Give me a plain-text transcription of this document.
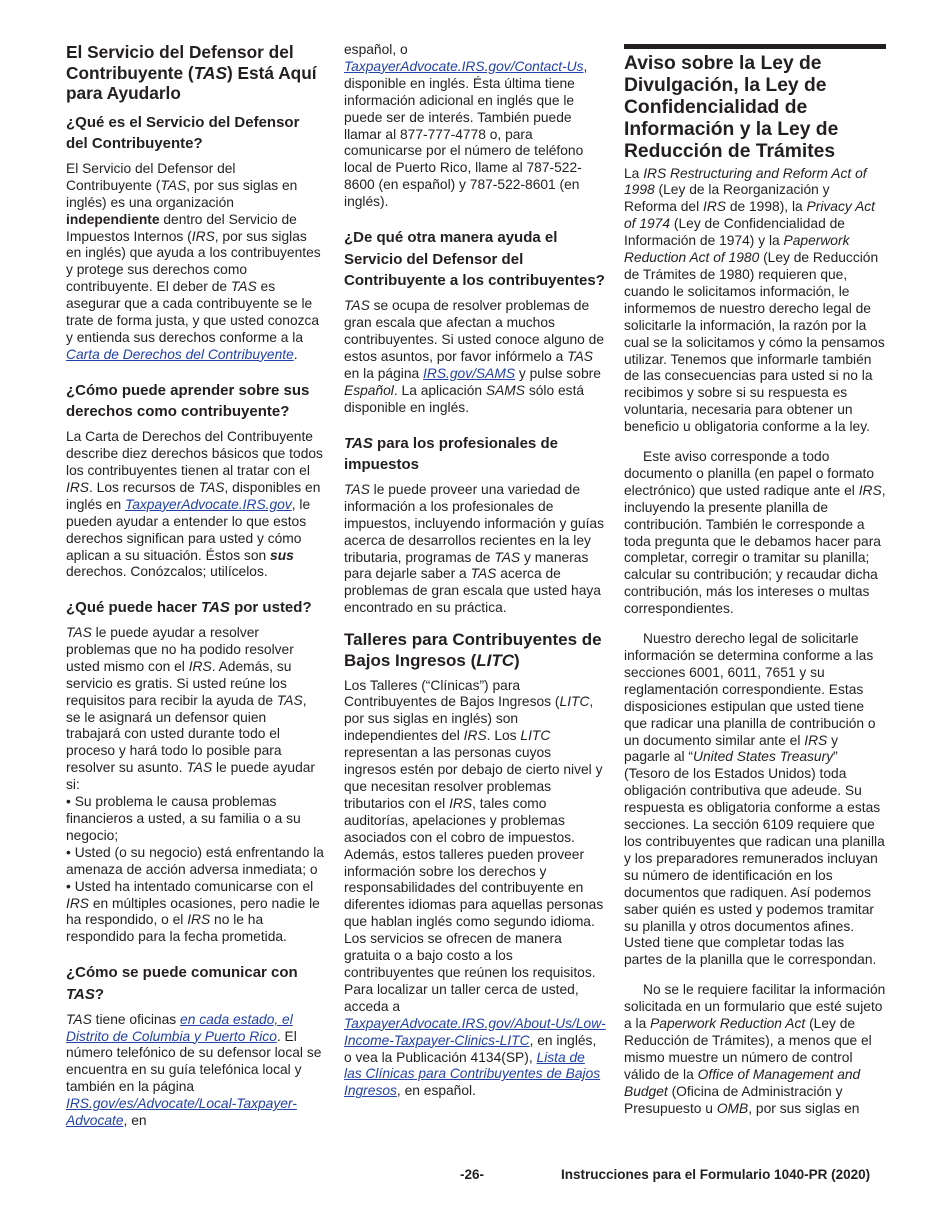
El Servicio del Defensor del Contribuyente (TAS) Está Aquí para Ayudarlo
¿Qué es el Servicio del Defensor del Contribuyente?

El Servicio del Defensor del Contribuyente (TAS, por sus siglas en inglés) es una organización independiente dentro del Servicio de Impuestos Internos (IRS, por sus siglas en inglés) que ayuda a los contribuyentes y protege sus derechos como contribuyente. El deber de TAS es asegurar que a cada contribuyente se le trate de forma justa, y que usted conozca y entienda sus derechos conforme a la Carta de Derechos del Contribuyente.

¿Cómo puede aprender sobre sus derechos como contribuyente?

La Carta de Derechos del Contribuyente describe diez derechos básicos que todos los contribuyentes tienen al tratar con el IRS. Los recursos de TAS, disponibles en inglés en TaxpayerAdvocate.IRS.gov, le pueden ayudar a entender lo que estos derechos significan para usted y cómo aplican a su situación. Éstos son sus derechos. Conózcalos; utilícelos.

¿Qué puede hacer TAS por usted?

TAS le puede ayudar a resolver problemas que no ha podido resolver usted mismo con el IRS. Además, su servicio es gratis. Si usted reúne los requisitos para recibir la ayuda de TAS, se le asignará un defensor quien trabajará con usted durante todo el proceso y hará todo lo posible para resolver su asunto. TAS le puede ayudar si:

• Su problema le causa problemas financieros a usted, a su familia o a su negocio;

• Usted (o su negocio) está enfrentando la amenaza de acción adversa inmediata; o

• Usted ha intentado comunicarse con el IRS en múltiples ocasiones, pero nadie le ha respondido, o el IRS no le ha respondido para la fecha prometida.

¿Cómo se puede comunicar con TAS?

TAS tiene oficinas en cada estado, el Distrito de Columbia y Puerto Rico. El número telefónico de su defensor local se encuentra en su guía telefónica local y también en la página IRS.gov/es/Advocate/Local-Taxpayer-Advocate, en

español, o TaxpayerAdvocate.IRS.gov/Contact-Us, disponible en inglés. Ésta última tiene información adicional en inglés que le puede ser de interés. También puede llamar al 877-777-4778 o, para comunicarse por el número de teléfono local de Puerto Rico, llame al 787-522-8600 (en español) y 787-522-8601 (en inglés).

¿De qué otra manera ayuda el Servicio del Defensor del Contribuyente a los contribuyentes?

TAS se ocupa de resolver problemas de gran escala que afectan a muchos contribuyentes. Si usted conoce alguno de estos asuntos, por favor infórmelo a TAS en la página IRS.gov/SAMS y pulse sobre Español. La aplicación SAMS sólo está disponible en inglés.

TAS para los profesionales de impuestos

TAS le puede proveer una variedad de información a los profesionales de impuestos, incluyendo información y guías acerca de desarrollos recientes en la ley tributaria, programas de TAS y maneras para dejarle saber a TAS acerca de problemas de gran escala que usted haya encontrado en su práctica.

Talleres para Contribuyentes de Bajos Ingresos (LITC)

Los Talleres (“Clínicas”) para Contribuyentes de Bajos Ingresos (LITC, por sus siglas en inglés) son independientes del IRS. Los LITC representan a las personas cuyos ingresos estén por debajo de cierto nivel y que necesitan resolver problemas tributarios con el IRS, tales como auditorías, apelaciones y problemas asociados con el cobro de impuestos. Además, estos talleres pueden proveer información sobre los derechos y responsabilidades del contribuyente en diferentes idiomas para aquellas personas que hablan inglés como segundo idioma. Los servicios se ofrecen de manera gratuita o a bajo costo a los contribuyentes que reúnen los requisitos. Para localizar un taller cerca de usted, acceda a TaxpayerAdvocate.IRS.gov/About-Us/Low-Income-Taxpayer-Clinics-LITC, en inglés, o vea la Publicación 4134(SP), Lista de las Clínicas para Contribuyentes de Bajos Ingresos, en español.

Aviso sobre la Ley de Divulgación, la Ley de Confidencialidad de Información y la Ley de Reducción de Trámites

La IRS Restructuring and Reform Act of 1998 (Ley de la Reorganización y Reforma del IRS de 1998), la Privacy Act of 1974 (Ley de Confidencialidad de Información de 1974) y la Paperwork Reduction Act of 1980 (Ley de Reducción de Trámites de 1980) requieren que, cuando le solicitamos información, le informemos de nuestro derecho legal de solicitarle la información, la razón por la cual se la solicitamos y cómo la pensamos utilizar. Tenemos que informarle también de las consecuencias para usted si no la recibimos y sobre si su respuesta es voluntaria, necesaria para obtener un beneficio u obligatoria conforme a la ley.

Este aviso corresponde a todo documento o planilla (en papel o formato electrónico) que usted radique ante el IRS, incluyendo la presente planilla de contribución. También le corresponde a toda pregunta que le debamos hacer para completar, corregir o tramitar su planilla; calcular su contribución; y recaudar dicha contribución, más los intereses o multas correspondientes.

Nuestro derecho legal de solicitarle información se determina conforme a las secciones 6001, 6011, 7651 y su reglamentación correspondiente. Estas disposiciones estipulan que usted tiene que radicar una planilla de contribución o un documento similar ante el IRS y pagarle al “United States Treasury” (Tesoro de los Estados Unidos) toda obligación contributiva que adeude. Su respuesta es obligatoria conforme a estas secciones. La sección 6109 requiere que los contribuyentes que radican una planilla y los preparadores remunerados incluyan su número de identificación en los documentos que radiquen. Así podemos saber quién es usted y podemos tramitar su planilla y otros documentos afines. Usted tiene que completar todas las partes de la planilla que le correspondan.

No se le requiere facilitar la información solicitada en un formulario que esté sujeto a la Paperwork Reduction Act (Ley de Reducción de Trámites), a menos que el mismo muestre un número de control válido de la Office of Management and Budget (Oficina de Administración y Presupuesto u OMB, por sus siglas en

-26-	Instrucciones para el Formulario 1040-PR (2020)
